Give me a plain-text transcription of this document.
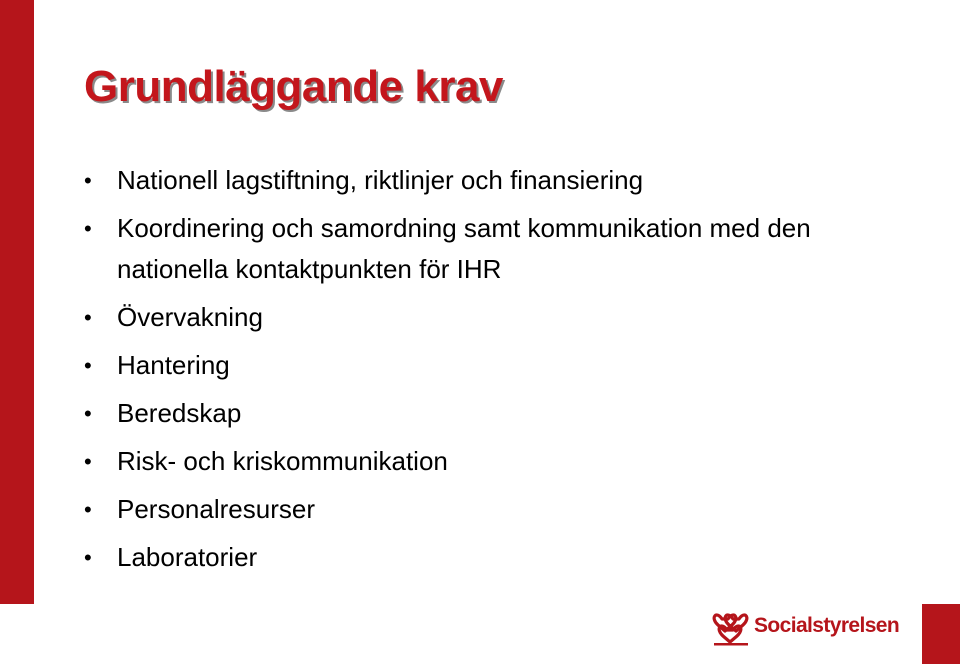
Grundläggande krav
• Nationell lagstiftning, riktlinjer och finansiering
• Koordinering och samordning samt kommunikation med den nationella kontaktpunkten för IHR
• Övervakning
• Hantering
• Beredskap
• Risk- och kriskommunikation
• Personalresurser
• Laboratorier
Socialstyrelsen
